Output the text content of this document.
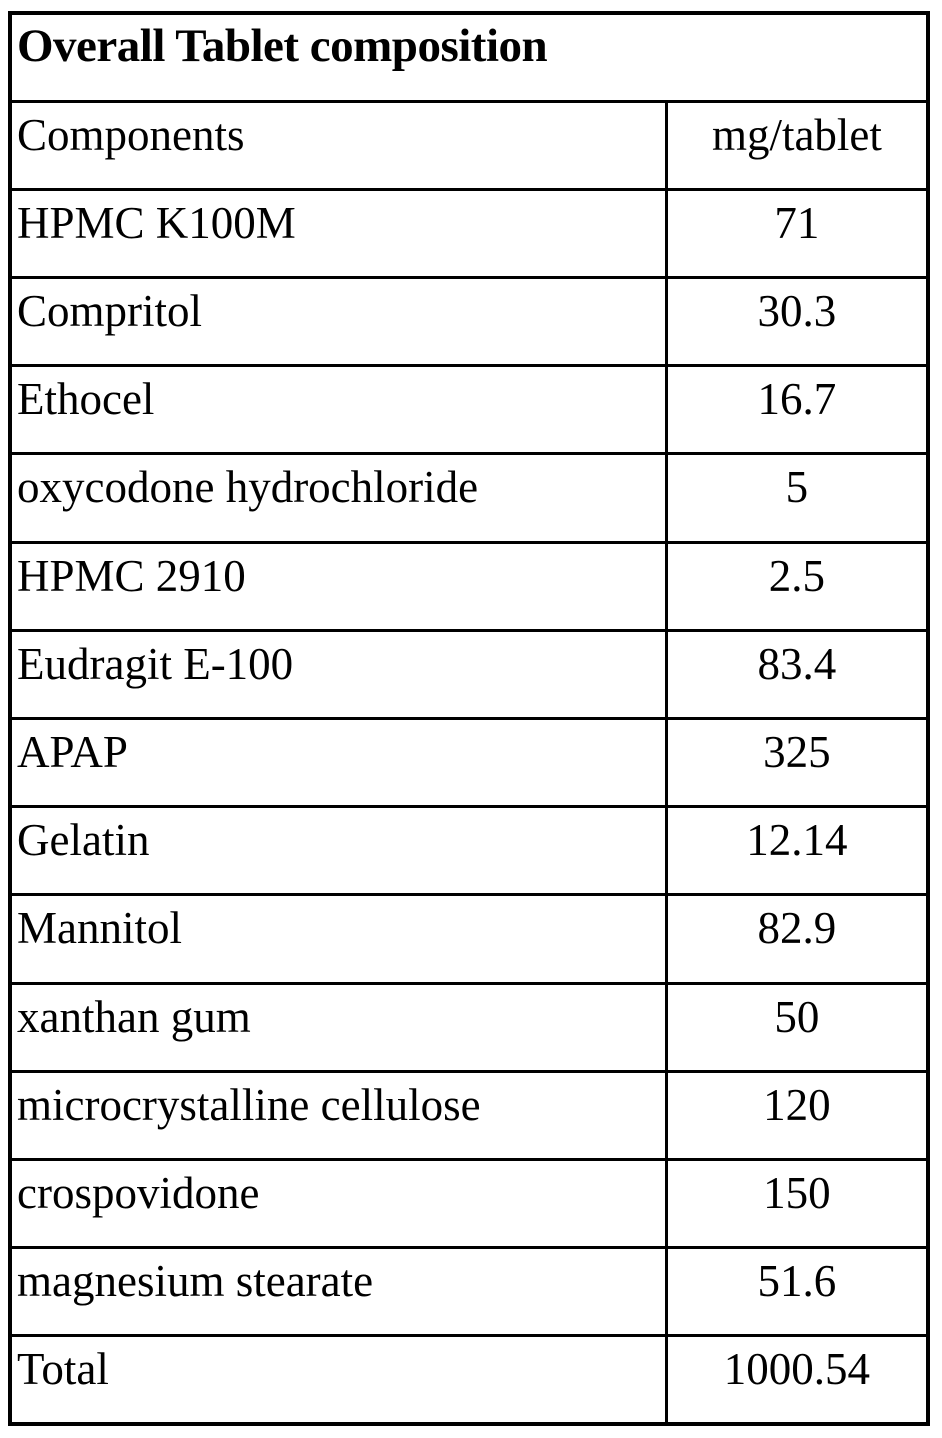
Overall Tablet composition	
Components	mg/tablet
HPMC K100M	71
Compritol	30.3
Ethocel	16.7
oxycodone hydrochloride	5
HPMC 2910	2.5
Eudragit E-100	83.4
APAP	325
Gelatin	12.14
Mannitol	82.9
xanthan gum	50
microcrystalline cellulose	120
crospovidone	150
magnesium stearate	51.6
Total	1000.54
